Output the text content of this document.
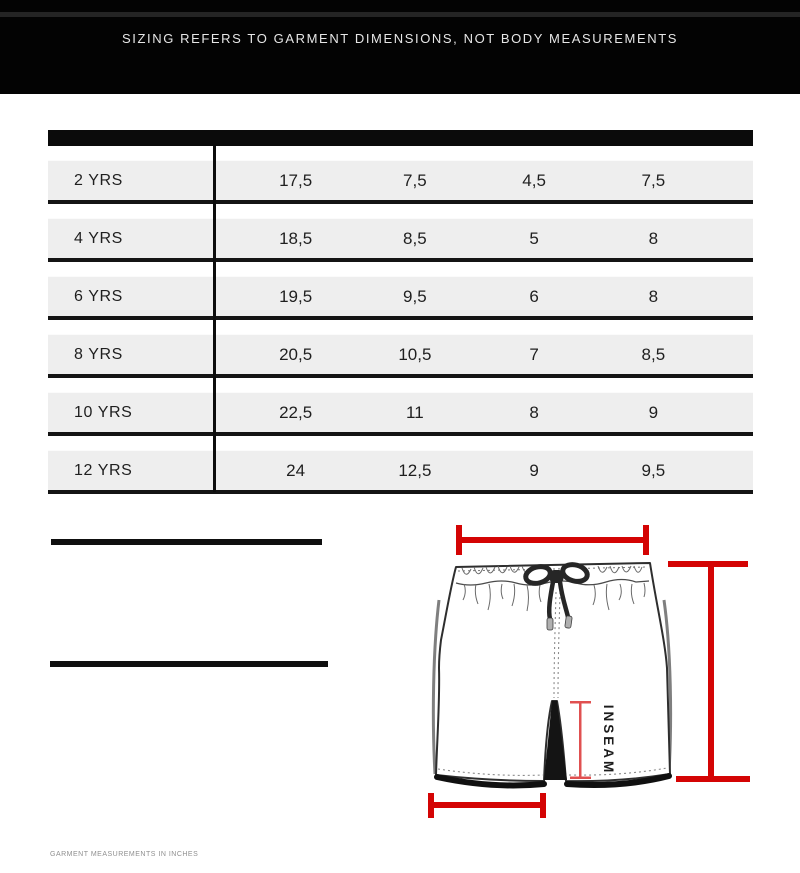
SIZING REFERS TO GARMENT DIMENSIONS, NOT BODY MEASUREMENTS
2 YRS	17,5	7,5	4,5	7,5
4 YRS	18,5	8,5	5	8
6 YRS	19,5	9,5	6	8
8 YRS	20,5	10,5	7	8,5
10 YRS	22,5	11	8	9
12 YRS	24	12,5	9	9,5
GARMENT MEASUREMENTS IN INCHES
INSEAM
